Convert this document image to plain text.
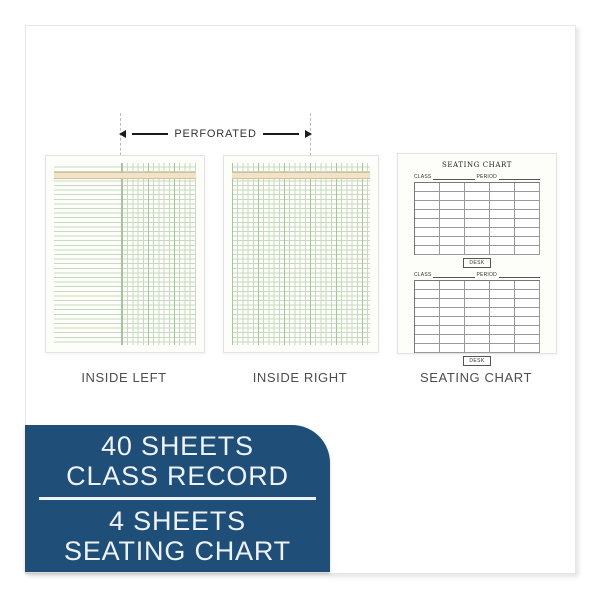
PERFORATED
SEATING CHART
CLASS	PERIOD
DESK
CLASS	PERIOD
DESK
INSIDE LEFT	INSIDE RIGHT	SEATING CHART
40 SHEETS
CLASS RECORD
4 SHEETS
SEATING CHART
